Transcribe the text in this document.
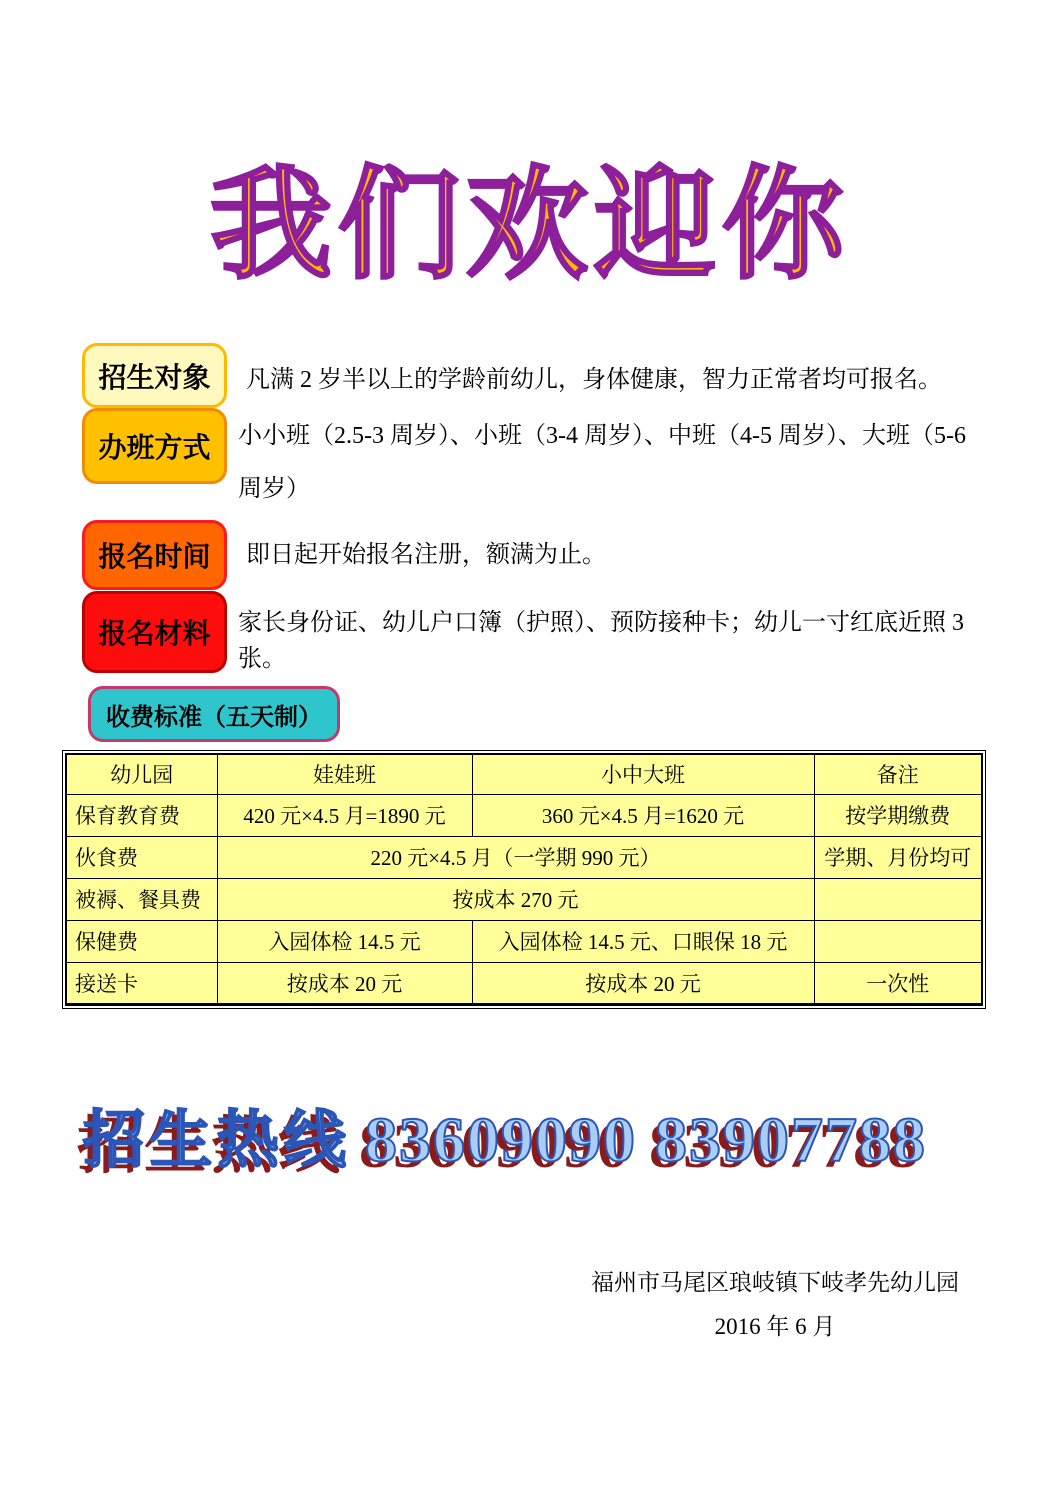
我们欢迎你
招生对象	凡满 2 岁半以上的学龄前幼儿，身体健康，智力正常者均可报名。
办班方式 小小班（2.5-3 周岁）、小班（3-4 周岁）、中班（4-5 周岁）、大班（5-6 周岁）
报名时间	即日起开始报名注册，额满为止。
报名材料 家长身份证、幼儿户口簿（护照）、预防接种卡；幼儿一寸红底近照 3 张。
收费标准（五天制）
幼儿园	娃娃班	小中大班	备注
保育教育费	420 元×4.5 月=1890 元	360 元×4.5 月=1620 元	按学期缴费
伙食费	220 元×4.5 月（一学期 990 元）		学期、月份均可
被褥、餐具费	按成本 270 元		
保健费	入园体检 14.5 元	入园体检 14.5 元、口眼保 18 元	
接送卡	按成本 20 元	按成本 20 元	一次性
招生热线 83609090 83907788
福州市马尾区琅岐镇下岐孝先幼儿园
2016 年 6 月
